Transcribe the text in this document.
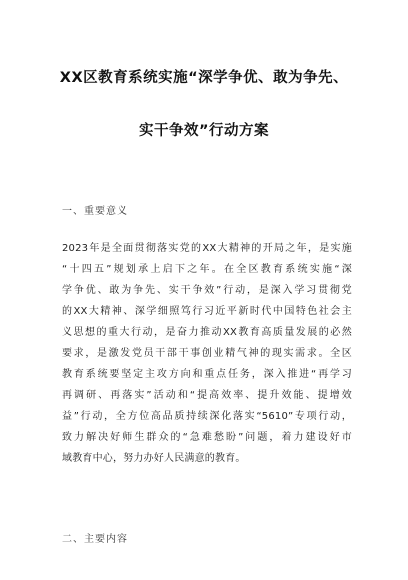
XX区教育系统实施“深学争优、敢为争先、
实干争效”行动方案
一、重要意义
2023年是全面贯彻落实党的XX大精神的开局之年，是实施
“十四五”规划承上启下之年。在全区教育系统实施“深
学争优、敢为争先、实干争效”行动，是深入学习贯彻党
的XX大精神、深学细照笃行习近平新时代中国特色社会主
义思想的重大行动，是奋力推动XX教育高质量发展的必然
要求，是激发党员干部干事创业精气神的现实需求。全区
教育系统要坚定主攻方向和重点任务，深入推进“再学习
再调研、再落实”活动和“提高效率、提升效能、提增效
益”行动，全方位高品质持续深化落实“5610”专项行动，
致力解决好师生群众的“急难愁盼”问题，着力建设好市
域教育中心，努力办好人民满意的教育。
二、主要内容
